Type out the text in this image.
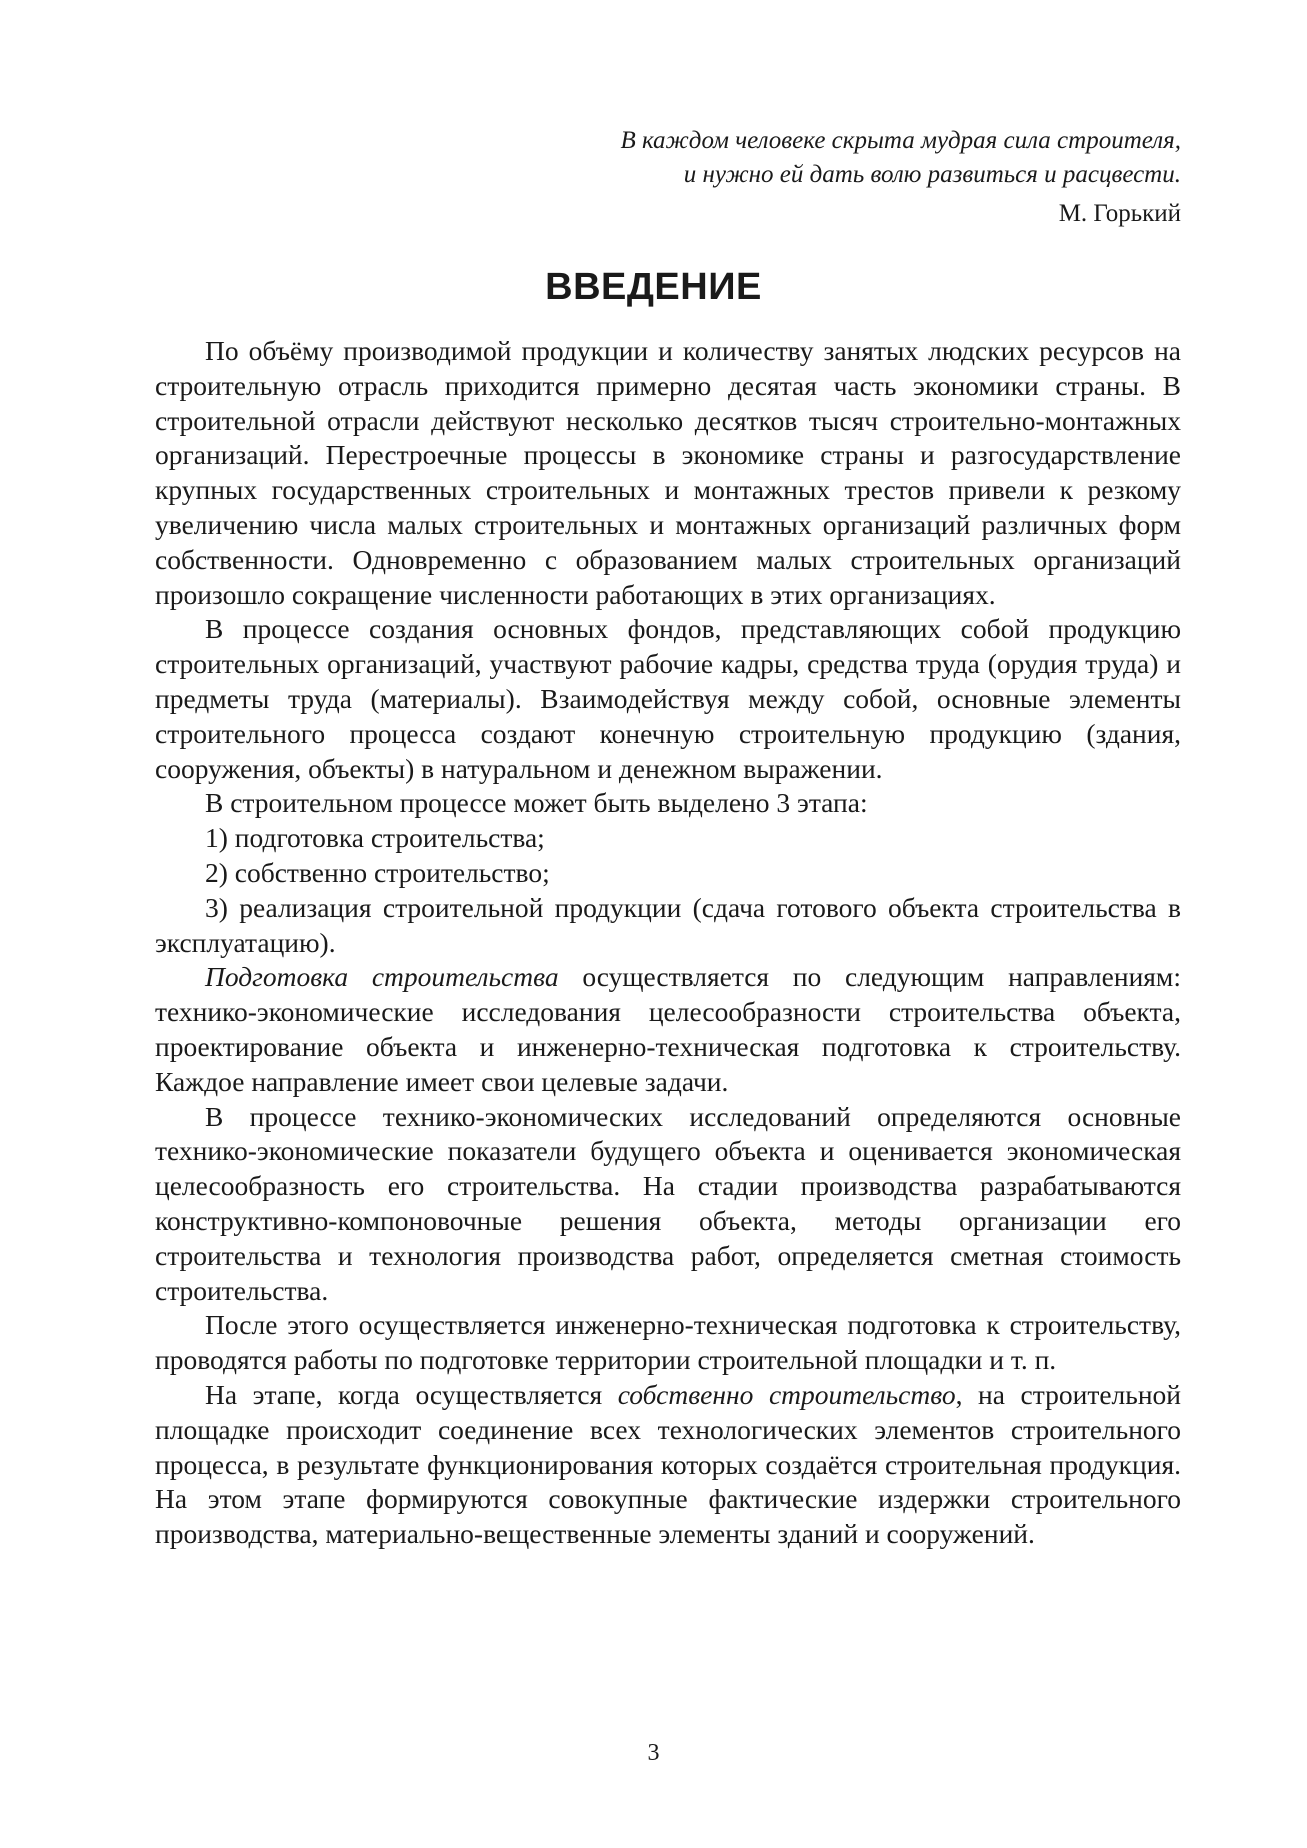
В каждом человеке скрыта мудрая сила строителя,
и нужно ей дать волю развиться и расцвести.
М. Горький
ВВЕДЕНИЕ

По объёму производимой продукции и количеству занятых людских ресурсов на строительную отрасль приходится примерно десятая часть экономики страны. В строительной отрасли действуют несколько десятков тысяч строительно-монтажных организаций. Перестроечные процессы в экономике страны и разгосударствление крупных государственных строительных и монтажных трестов привели к резкому увеличению числа малых строительных и монтажных организаций различных форм собственности. Одновременно с образованием малых строительных организаций произошло сокращение численности работающих в этих организациях.

В процессе создания основных фондов, представляющих собой продукцию строительных организаций, участвуют рабочие кадры, средства труда (орудия труда) и предметы труда (материалы). Взаимодействуя между собой, основные элементы строительного процесса создают конечную строительную продукцию (здания, сооружения, объекты) в натуральном и денежном выражении.

В строительном процессе может быть выделено 3 этапа:

1) подготовка строительства;

2) собственно строительство;

3) реализация строительной продукции (сдача готового объекта строительства в эксплуатацию).

Подготовка строительства осуществляется по следующим направлениям: технико-экономические исследования целесообразности строительства объекта, проектирование объекта и инженерно-техническая подготовка к строительству. Каждое направление имеет свои целевые задачи.

В процессе технико-экономических исследований определяются основные технико-экономические показатели будущего объекта и оценивается экономическая целесообразность его строительства. На стадии производства разрабатываются конструктивно-компоновочные решения объекта, методы организации его строительства и технология производства работ, определяется сметная стоимость строительства.

После этого осуществляется инженерно-техническая подготовка к строительству, проводятся работы по подготовке территории строительной площадки и т. п.

На этапе, когда осуществляется собственно строительство, на строительной площадке происходит соединение всех технологических элементов строительного процесса, в результате функционирования которых создаётся строительная продукция. На этом этапе формируются совокупные фактические издержки строительного производства, материально-вещественные элементы зданий и сооружений.

3
